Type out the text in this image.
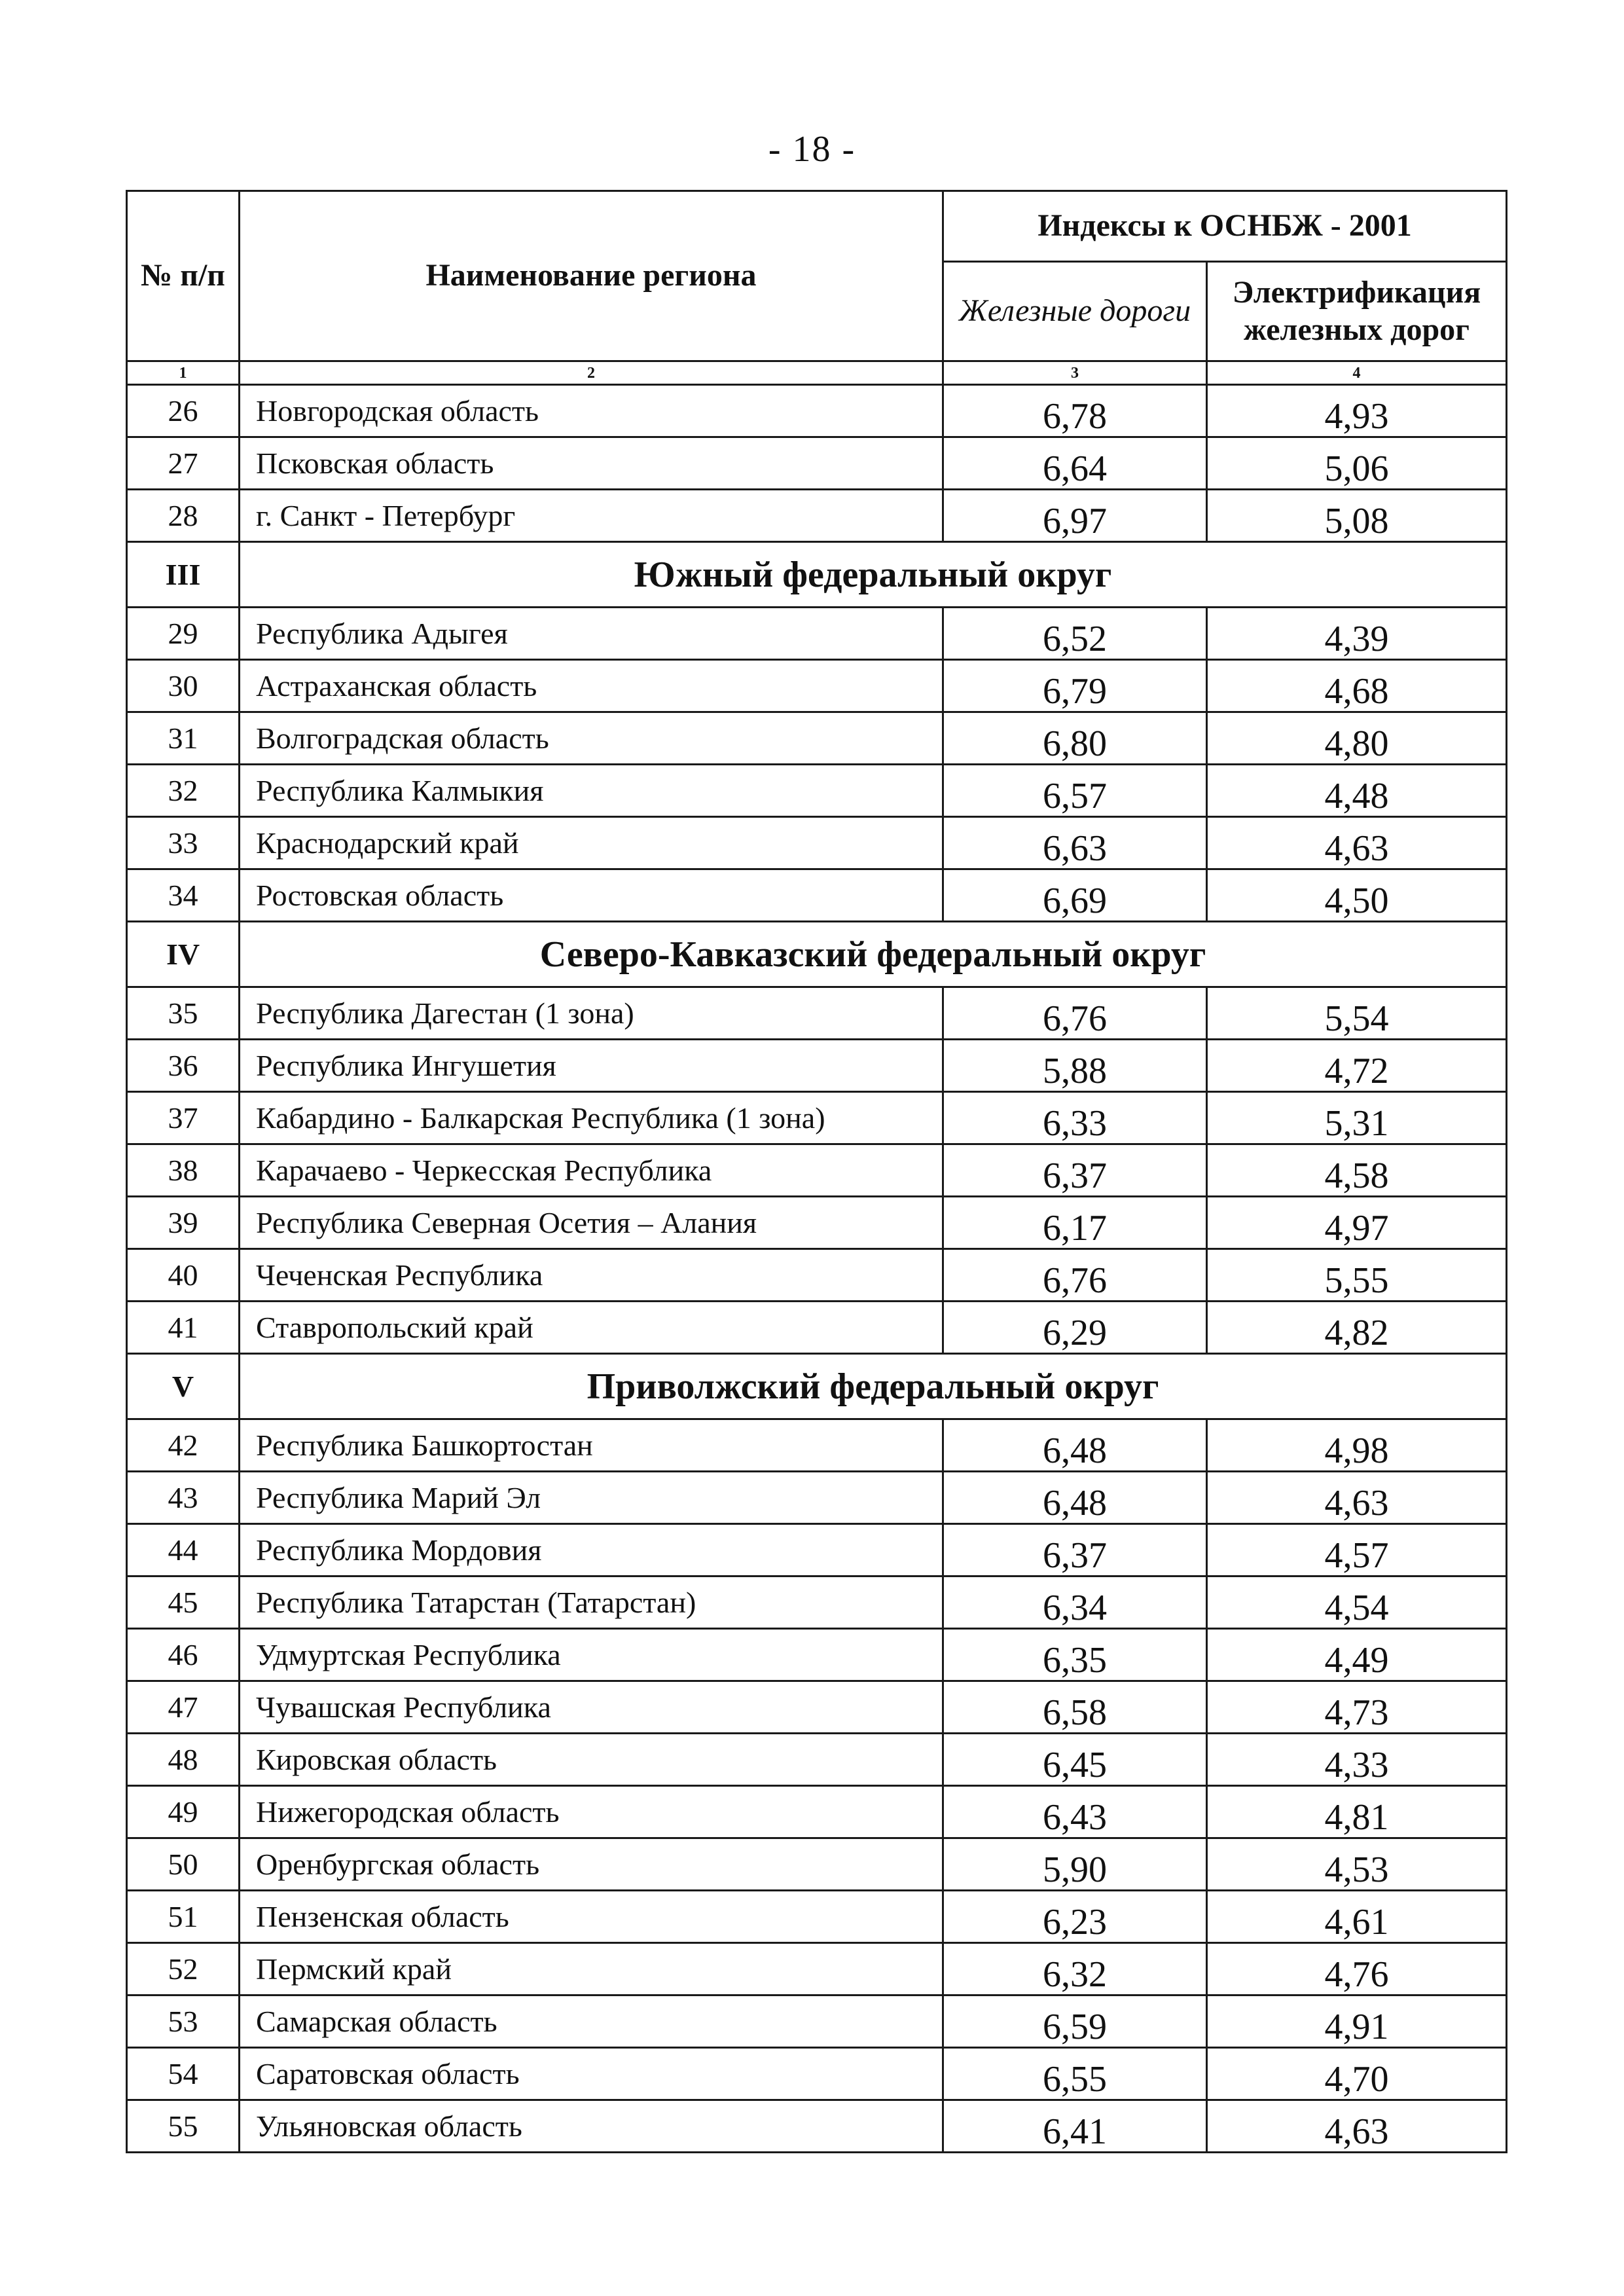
- 18 -
№ п/п	Наименование региона	Индексы к ОСНБЖ - 2001	
		Железные дороги	Электрификация железных дорог
1	2	3	4
26	Новгородская область	6,78	4,93
27	Псковская область	6,64	5,06
28	г. Санкт - Петербург	6,97	5,08
III	Южный федеральный округ		
29	Республика Адыгея	6,52	4,39
30	Астраханская область	6,79	4,68
31	Волгоградская область	6,80	4,80
32	Республика Калмыкия	6,57	4,48
33	Краснодарский край	6,63	4,63
34	Ростовская область	6,69	4,50
IV	Северо-Кавказский федеральный округ		
35	Республика Дагестан (1 зона)	6,76	5,54
36	Республика Ингушетия	5,88	4,72
37	Кабардино - Балкарская Республика (1 зона)	6,33	5,31
38	Карачаево - Черкесская Республика	6,37	4,58
39	Республика Северная Осетия – Алания	6,17	4,97
40	Чеченская Республика	6,76	5,55
41	Ставропольский край	6,29	4,82
V	Приволжский федеральный округ		
42	Республика Башкортостан	6,48	4,98
43	Республика Марий Эл	6,48	4,63
44	Республика Мордовия	6,37	4,57
45	Республика Татарстан (Татарстан)	6,34	4,54
46	Удмуртская Республика	6,35	4,49
47	Чувашская Республика	6,58	4,73
48	Кировская область	6,45	4,33
49	Нижегородская область	6,43	4,81
50	Оренбургская область	5,90	4,53
51	Пензенская область	6,23	4,61
52	Пермский край	6,32	4,76
53	Самарская область	6,59	4,91
54	Саратовская область	6,55	4,70
55	Ульяновская область	6,41	4,63
